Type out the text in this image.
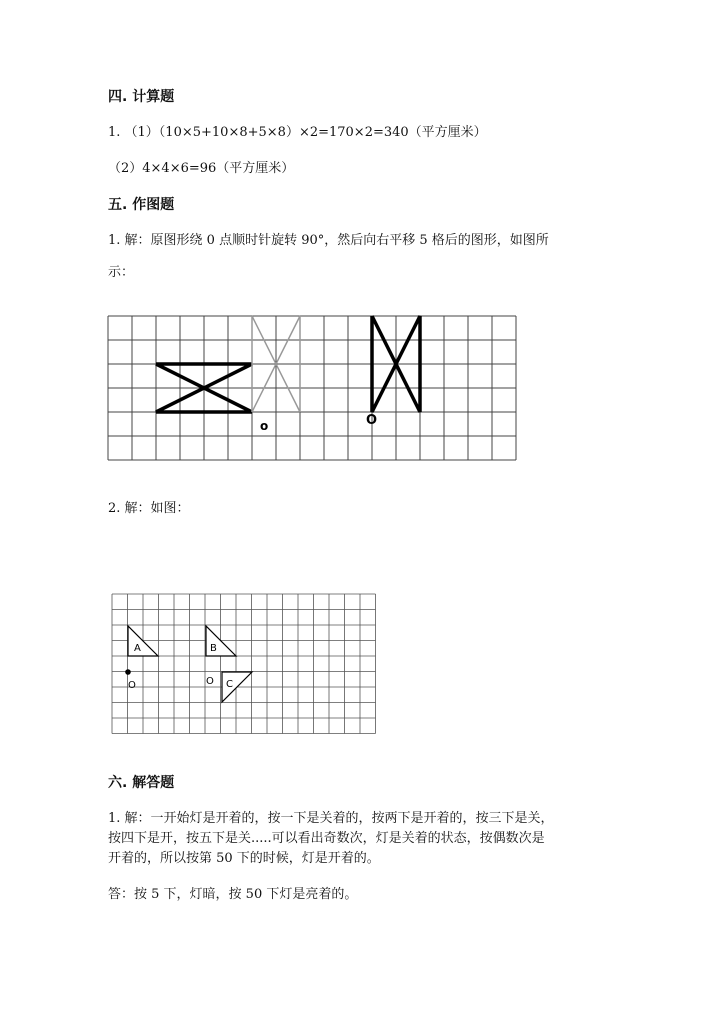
四. 计算题
1. （1）（10×5+10×8+5×8）×2=170×2=340（平方厘米）
（2）4×4×6=96（平方厘米）
五. 作图题
1. 解：原图形绕 0 点顺时针旋转 90°，然后向右平移 5 格后的图形，如图所
示：
o	O
2. 解：如图：
A	B
C
O	O
六. 解答题
1. 解：一开始灯是开着的，按一下是关着的，按两下是开着的，按三下是关，
按四下是开，按五下是关.....可以看出奇数次，灯是关着的状态，按偶数次是
开着的，所以按第 50 下的时候，灯是开着的。
答：按 5 下，灯暗，按 50 下灯是亮着的。
